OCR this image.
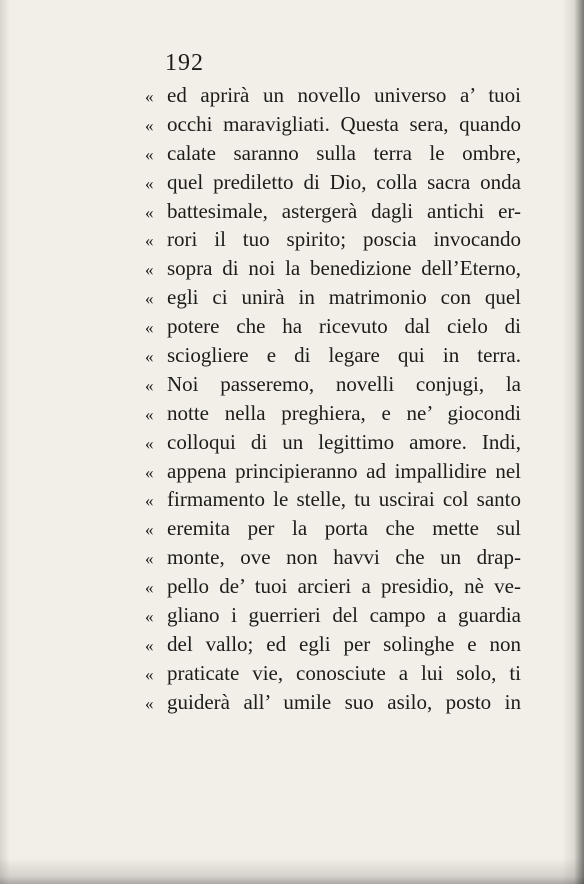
192
« ed aprirà un novello universo a’ tuoi
« occhi maravigliati. Questa sera, quando
« calate saranno sulla terra le ombre,
« quel prediletto di Dio, colla sacra onda
« battesimale, astergerà dagli antichi er-
« rori il tuo spirito; poscia invocando
« sopra di noi la benedizione dell’Eterno,
« egli ci unirà in matrimonio con quel
« potere che ha ricevuto dal cielo di
« sciogliere e di legare qui in terra.
« Noi passeremo, novelli conjugi, la
« notte nella preghiera, e ne’ giocondi
« colloqui di un legittimo amore. Indi,
« appena principieranno ad impallidire nel
« firmamento le stelle, tu uscirai col santo
« eremita per la porta che mette sul
« monte, ove non havvi che un drap-
« pello de’ tuoi arcieri a presidio, nè ve-
« gliano i guerrieri del campo a guardia
« del vallo; ed egli per solinghe e non
« praticate vie, conosciute a lui solo, ti
« guiderà all’ umile suo asilo, posto in
